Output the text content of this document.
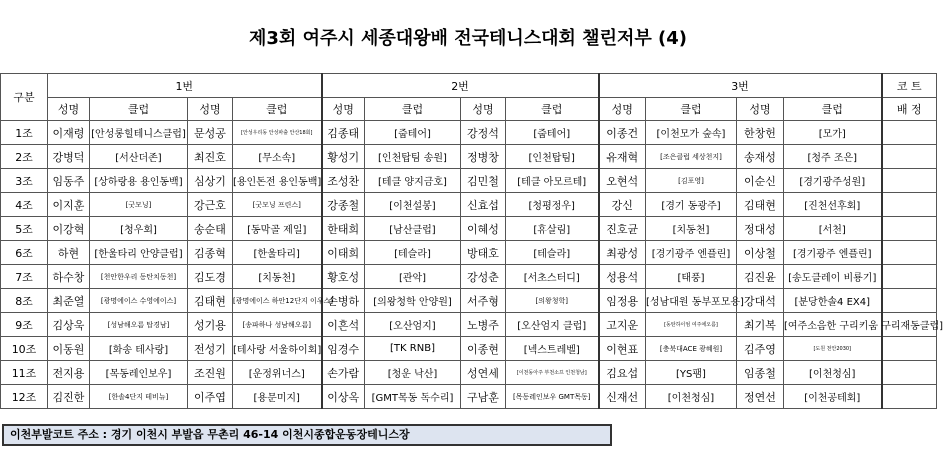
제3회 여주시 세종대왕배 전국테니스대회 챌린저부 (4)
구분	1번				2번				3번				코 트
	성명	클럽	성명	클럽	성명	클럽	성명	클럽	성명	클럽	성명	클럽	배 정
1조	이재령	[안성롱힐테니스클럽]	문성공	[안성우리동 안성파출 안산18회]	김종태	[줍테어]	강정석	[줍테어]	이종건	[이천모가 숲속]	한창헌	[모가]	
2조	강병덕	[서산더존]	최진호	[무소속]	황성기	[인천탑팀 송원]	정병창	[인천탑팀]	유재혁	[조은클럽 세상천지]	송재성	[청주 조은]	
3조	임동주	[상하랑용 용인동백]	심상기	[용인돈전 용인동백]	조성찬	[테클 양지금호]	김민철	[테클 아모르테]	오현석	[김포영]	이순신	[경기광주성원]	
4조	이지훈	[굿모닝]	강근호	[굿모닝 프린스]	강종철	[이천설봉]	신효섭	[청평정우]	강신	[경기 동광주]	김태현	[진천선후회]	
5조	이강혁	[청우회]	송순태	[동막골 제일]	한태희	[남산클럽]	이혜성	[휴살림]	진호균	[치동천]	정대성	[서천]	
6조	하현	[한울타리 안양클럽]	김종혁	[한울타리]	이태희	[테슬라]	방태호	[테슬라]	최광성	[경기광주 엔플린]	이상철	[경기광주 엔플린]	
7조	하수창	[천안한우리 동탄치동천]	김도경	[치동천]	황호성	[관악]	강성춘	[서초스터디]	성용석	[태풍]	김진윤	[송도클레이 비룡기]	
8조	최준열	[광명에이스 수영에이스]	김태현	[광명에이스 하안12단지 이우스]	손병하	[의왕청학 안양원]	서주형	[의왕청학]	임정용	[성남대원 동부포모용]	강대석	[분당한솔4 EX4]	
9조	김상욱	[성남해오름 탑경남]	성기용	[송파하나 성남해오름]	이흔석	[오산엄지]	노병주	[오산엄지 클럽]	고지운	[동탄하이엄 여주에오름]	최기복	[여주소음한 구리키움 구리재동클럽]	
10조	이동원	[화송 테사랑]	전성기	[테사랑 서울하이회]	임경수	[TK RNB]	이종현	[넥스트레벨]	이현표	[충북대ACE 광혜원]	김주영	[도원 천안2030]	
11조	전지용	[목동레인보우]	조진원	[운정위너스]	손가람	[청운 낙산]	성연세	[이천동아주 부천소프 인천청남]	김요섭	[YS팸]	임종철	[이천청심]	
12조	김진한	[한솔4단지 테비뉴]	이주엽	[용문미지]	이상옥	[GMT목동 독수리]	구남훈	[목동레인보우 GMT목동]	신재선	[이천청심]	정연선	[이천공테회]	
이천부발코트 주소 : 경기 이천시 부발읍 무촌리 46-14 이천시종합운동장테니스장
